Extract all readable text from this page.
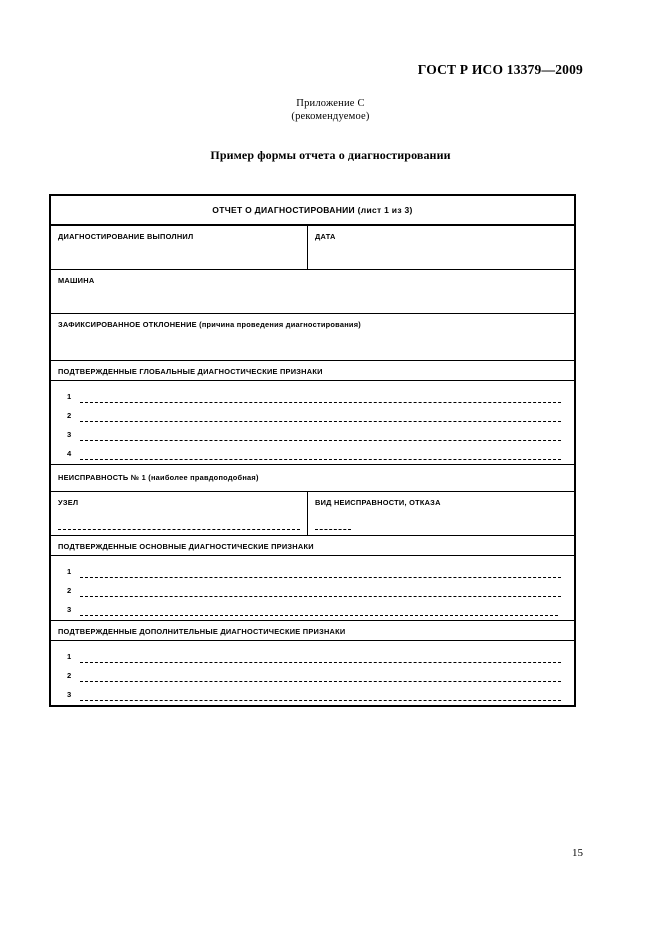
ГОСТ Р ИСО 13379—2009
Приложение С
(рекомендуемое)
Пример формы отчета о диагностировании
ОТЧЕТ О ДИАГНОСТИРОВАНИИ (лист 1 из 3)
ДИАГНОСТИРОВАНИЕ ВЫПОЛНИЛ	ДАТА
МАШИНА
ЗАФИКСИРОВАННОЕ ОТКЛОНЕНИЕ (причина проведения диагностирования)
ПОДТВЕРЖДЕННЫЕ ГЛОБАЛЬНЫЕ ДИАГНОСТИЧЕСКИЕ ПРИЗНАКИ
1
2
3
4
НЕИСПРАВНОСТЬ № 1 (наиболее правдоподобная)
УЗЕЛ	ВИД НЕИСПРАВНОСТИ, ОТКАЗА
ПОДТВЕРЖДЕННЫЕ ОСНОВНЫЕ ДИАГНОСТИЧЕСКИЕ ПРИЗНАКИ
1
2
3
ПОДТВЕРЖДЕННЫЕ ДОПОЛНИТЕЛЬНЫЕ ДИАГНОСТИЧЕСКИЕ ПРИЗНАКИ
1
2
3
15
